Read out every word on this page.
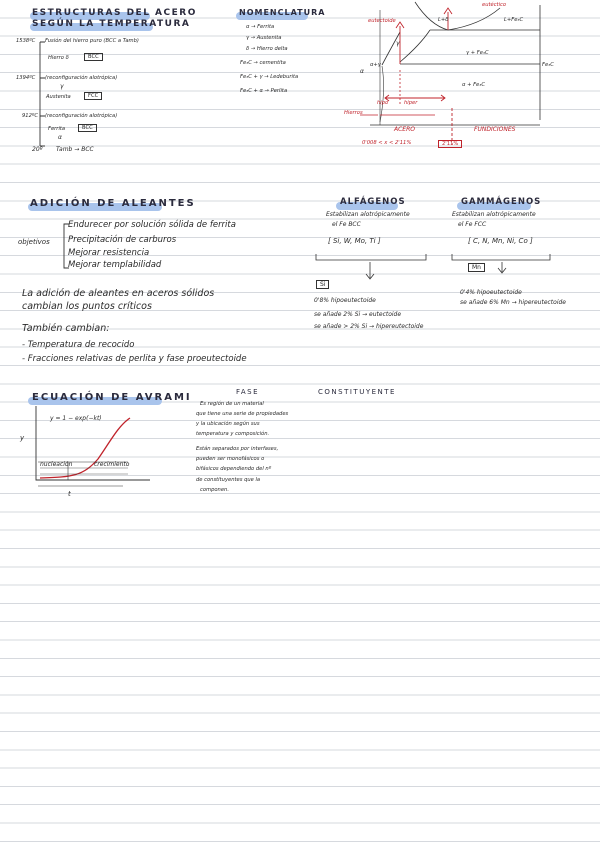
ESTRUCTURAS DEL ACERO
SEGÚN LA TEMPERATURA
1538ºC Fusión del hierro puro (BCC a Tamb)
Hierro δ	BCC
1394ºC (reconfiguración alotrópica)
γ
Austenita	FCC
912ºC (reconfiguración alotrópica)
Ferrita	BCC
α
20º Tamb → BCC
NOMENCLATURA
α → Ferrita
γ → Austenita
δ → Hierro delta
Fe₃C → cementita
Fe₃C + γ → Ledeburita
Fe₃C + α → Perlita
eutectoide
eutéctico
L+δ	L+Fe₃C
α+γ
γ
γ + Fe₃C
α + Fe₃C
Fe₃C
α
Hierros
hipo	hiper
ACERO	FUNDICIONES
0'008 < x < 2'11%	2'11%
ADICIÓN DE ALEANTES
objetivos
Endurecer por solución sólida de ferrita
Precipitación de carburos
Mejorar resistencia
Mejorar templabilidad
La adición de aleantes en aceros sólidos
cambian los puntos críticos
También cambian:
- Temperatura de recocido
- Fracciones relativas de perlita y fase proeutectoide
ALFÁGENOS
Estabilizan alotrópicamente
el Fe BCC
[ Si, W, Mo, Ti ]
Si
0'8% hipoeutectoide
se añade 2% Si → eutectoide
se añade > 2% Si → hipereutectoide
GAMMÁGENOS
Estabilizan alotrópicamente
el Fe FCC
[ C, N, Mn, Ni, Co ]
Mn
0'4% hipoeutectoide
se añade 6% Mn → hipereutectoide
ECUACIÓN DE AVRAMI
y = 1 − exp(−kt)
y
nucleación	crecimiento
t
FASE	CONSTITUYENTE
Es región de un material
que tiene una serie de propiedades
y la ubicación según sus
temperatura y composición.
Están separados por interfases,
pueden ser monofásicos o
bifásicos dependiendo del nº
de constituyentes que la
componen.
